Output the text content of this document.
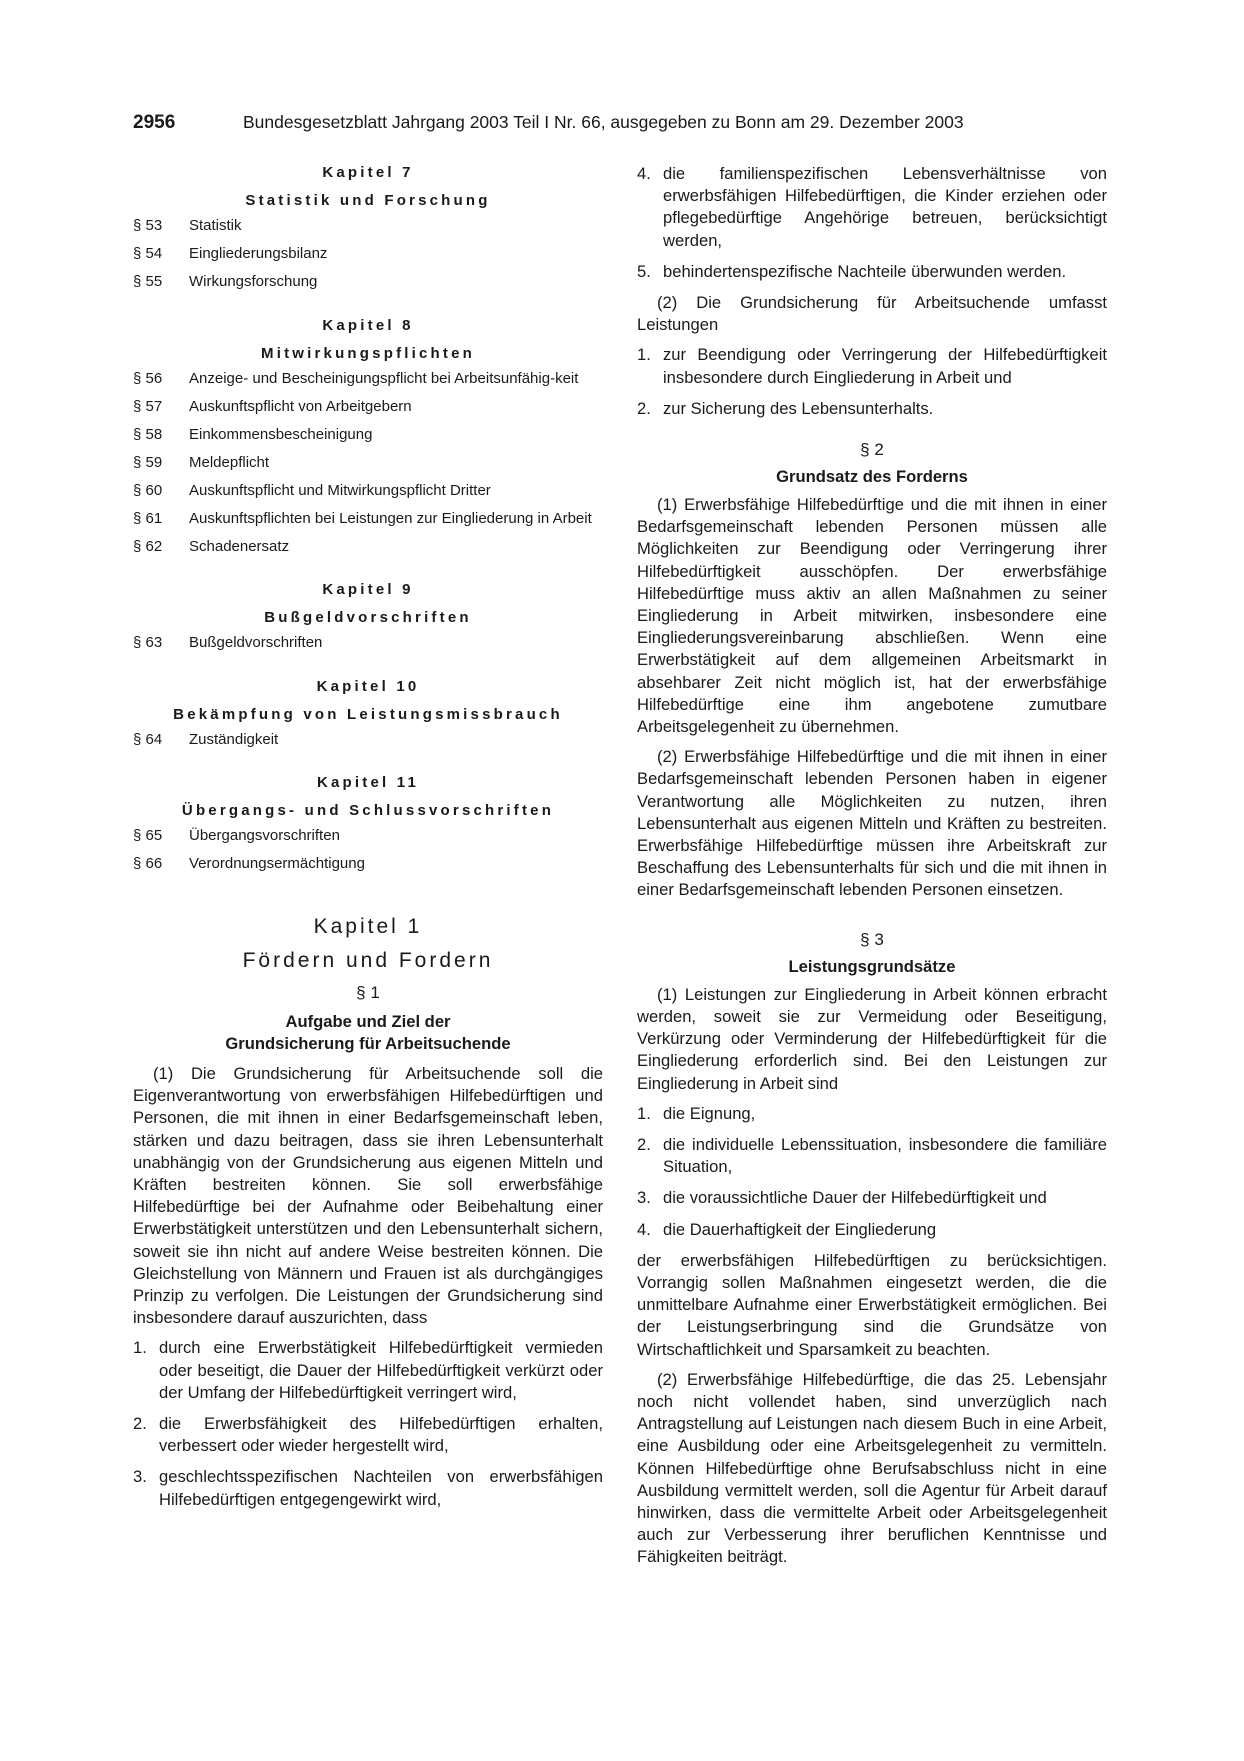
2956	Bundesgesetzblatt Jahrgang 2003 Teil I Nr. 66, ausgegeben zu Bonn am 29. Dezember 2003
Kapitel 7
Statistik und Forschung
§ 53	Statistik
§ 54	Eingliederungsbilanz
§ 55	Wirkungsforschung
Kapitel 8
Mitwirkungspflichten
§ 56	Anzeige- und Bescheinigungspflicht bei Arbeitsunfähig-keit
§ 57	Auskunftspflicht von Arbeitgebern
§ 58	Einkommensbescheinigung
§ 59	Meldepflicht
§ 60	Auskunftspflicht und Mitwirkungspflicht Dritter
§ 61	Auskunftspflichten bei Leistungen zur Eingliederung in Arbeit
§ 62	Schadenersatz
Kapitel 9
Bußgeldvorschriften
§ 63	Bußgeldvorschriften
Kapitel 10
Bekämpfung von Leistungsmissbrauch
§ 64	Zuständigkeit
Kapitel 11
Übergangs- und Schlussvorschriften
§ 65	Übergangsvorschriften
§ 66	Verordnungsermächtigung
Kapitel 1
Fördern und Fordern
§ 1
Aufgabe und Ziel der
Grundsicherung für Arbeitsuchende

(1) Die Grundsicherung für Arbeitsuchende soll die Eigenverantwortung von erwerbsfähigen Hilfebedürftigen und Personen, die mit ihnen in einer Bedarfsgemeinschaft leben, stärken und dazu beitragen, dass sie ihren Lebensunterhalt unabhängig von der Grundsicherung aus eigenen Mitteln und Kräften bestreiten können. Sie soll erwerbsfähige Hilfebedürftige bei der Aufnahme oder Beibehaltung einer Erwerbstätigkeit unterstützen und den Lebensunterhalt sichern, soweit sie ihn nicht auf andere Weise bestreiten können. Die Gleichstellung von Männern und Frauen ist als durchgängiges Prinzip zu verfolgen. Die Leistungen der Grundsicherung sind insbesondere darauf auszurichten, dass

1. durch eine Erwerbstätigkeit Hilfebedürftigkeit vermieden oder beseitigt, die Dauer der Hilfebedürftigkeit verkürzt oder der Umfang der Hilfebedürftigkeit verringert wird,
2. die Erwerbsfähigkeit des Hilfebedürftigen erhalten, verbessert oder wieder hergestellt wird,
3. geschlechtsspezifischen Nachteilen von erwerbsfähigen Hilfebedürftigen entgegengewirkt wird,
4. die familienspezifischen Lebensverhältnisse von erwerbsfähigen Hilfebedürftigen, die Kinder erziehen oder pflegebedürftige Angehörige betreuen, berücksichtigt werden,
5. behindertenspezifische Nachteile überwunden werden.

(2) Die Grundsicherung für Arbeitsuchende umfasst Leistungen

1. zur Beendigung oder Verringerung der Hilfebedürftigkeit insbesondere durch Eingliederung in Arbeit und
2. zur Sicherung des Lebensunterhalts.
§ 2
Grundsatz des Forderns

(1) Erwerbsfähige Hilfebedürftige und die mit ihnen in einer Bedarfsgemeinschaft lebenden Personen müssen alle Möglichkeiten zur Beendigung oder Verringerung ihrer Hilfebedürftigkeit ausschöpfen. Der erwerbsfähige Hilfebedürftige muss aktiv an allen Maßnahmen zu seiner Eingliederung in Arbeit mitwirken, insbesondere eine Eingliederungsvereinbarung abschließen. Wenn eine Erwerbstätigkeit auf dem allgemeinen Arbeitsmarkt in absehbarer Zeit nicht möglich ist, hat der erwerbsfähige Hilfebedürftige eine ihm angebotene zumutbare Arbeitsgelegenheit zu übernehmen.

(2) Erwerbsfähige Hilfebedürftige und die mit ihnen in einer Bedarfsgemeinschaft lebenden Personen haben in eigener Verantwortung alle Möglichkeiten zu nutzen, ihren Lebensunterhalt aus eigenen Mitteln und Kräften zu bestreiten. Erwerbsfähige Hilfebedürftige müssen ihre Arbeitskraft zur Beschaffung des Lebensunterhalts für sich und die mit ihnen in einer Bedarfsgemeinschaft lebenden Personen einsetzen.

§ 3
Leistungsgrundsätze

(1) Leistungen zur Eingliederung in Arbeit können erbracht werden, soweit sie zur Vermeidung oder Beseitigung, Verkürzung oder Verminderung der Hilfebedürftigkeit für die Eingliederung erforderlich sind. Bei den Leistungen zur Eingliederung in Arbeit sind

1. die Eignung,
2. die individuelle Lebenssituation, insbesondere die familiäre Situation,
3. die voraussichtliche Dauer der Hilfebedürftigkeit und
4. die Dauerhaftigkeit der Eingliederung

der erwerbsfähigen Hilfebedürftigen zu berücksichtigen. Vorrangig sollen Maßnahmen eingesetzt werden, die die unmittelbare Aufnahme einer Erwerbstätigkeit ermöglichen. Bei der Leistungserbringung sind die Grundsätze von Wirtschaftlichkeit und Sparsamkeit zu beachten.

(2) Erwerbsfähige Hilfebedürftige, die das 25. Lebensjahr noch nicht vollendet haben, sind unverzüglich nach Antragstellung auf Leistungen nach diesem Buch in eine Arbeit, eine Ausbildung oder eine Arbeitsgelegenheit zu vermitteln. Können Hilfebedürftige ohne Berufsabschluss nicht in eine Ausbildung vermittelt werden, soll die Agentur für Arbeit darauf hinwirken, dass die vermittelte Arbeit oder Arbeitsgelegenheit auch zur Verbesserung ihrer beruflichen Kenntnisse und Fähigkeiten beiträgt.
